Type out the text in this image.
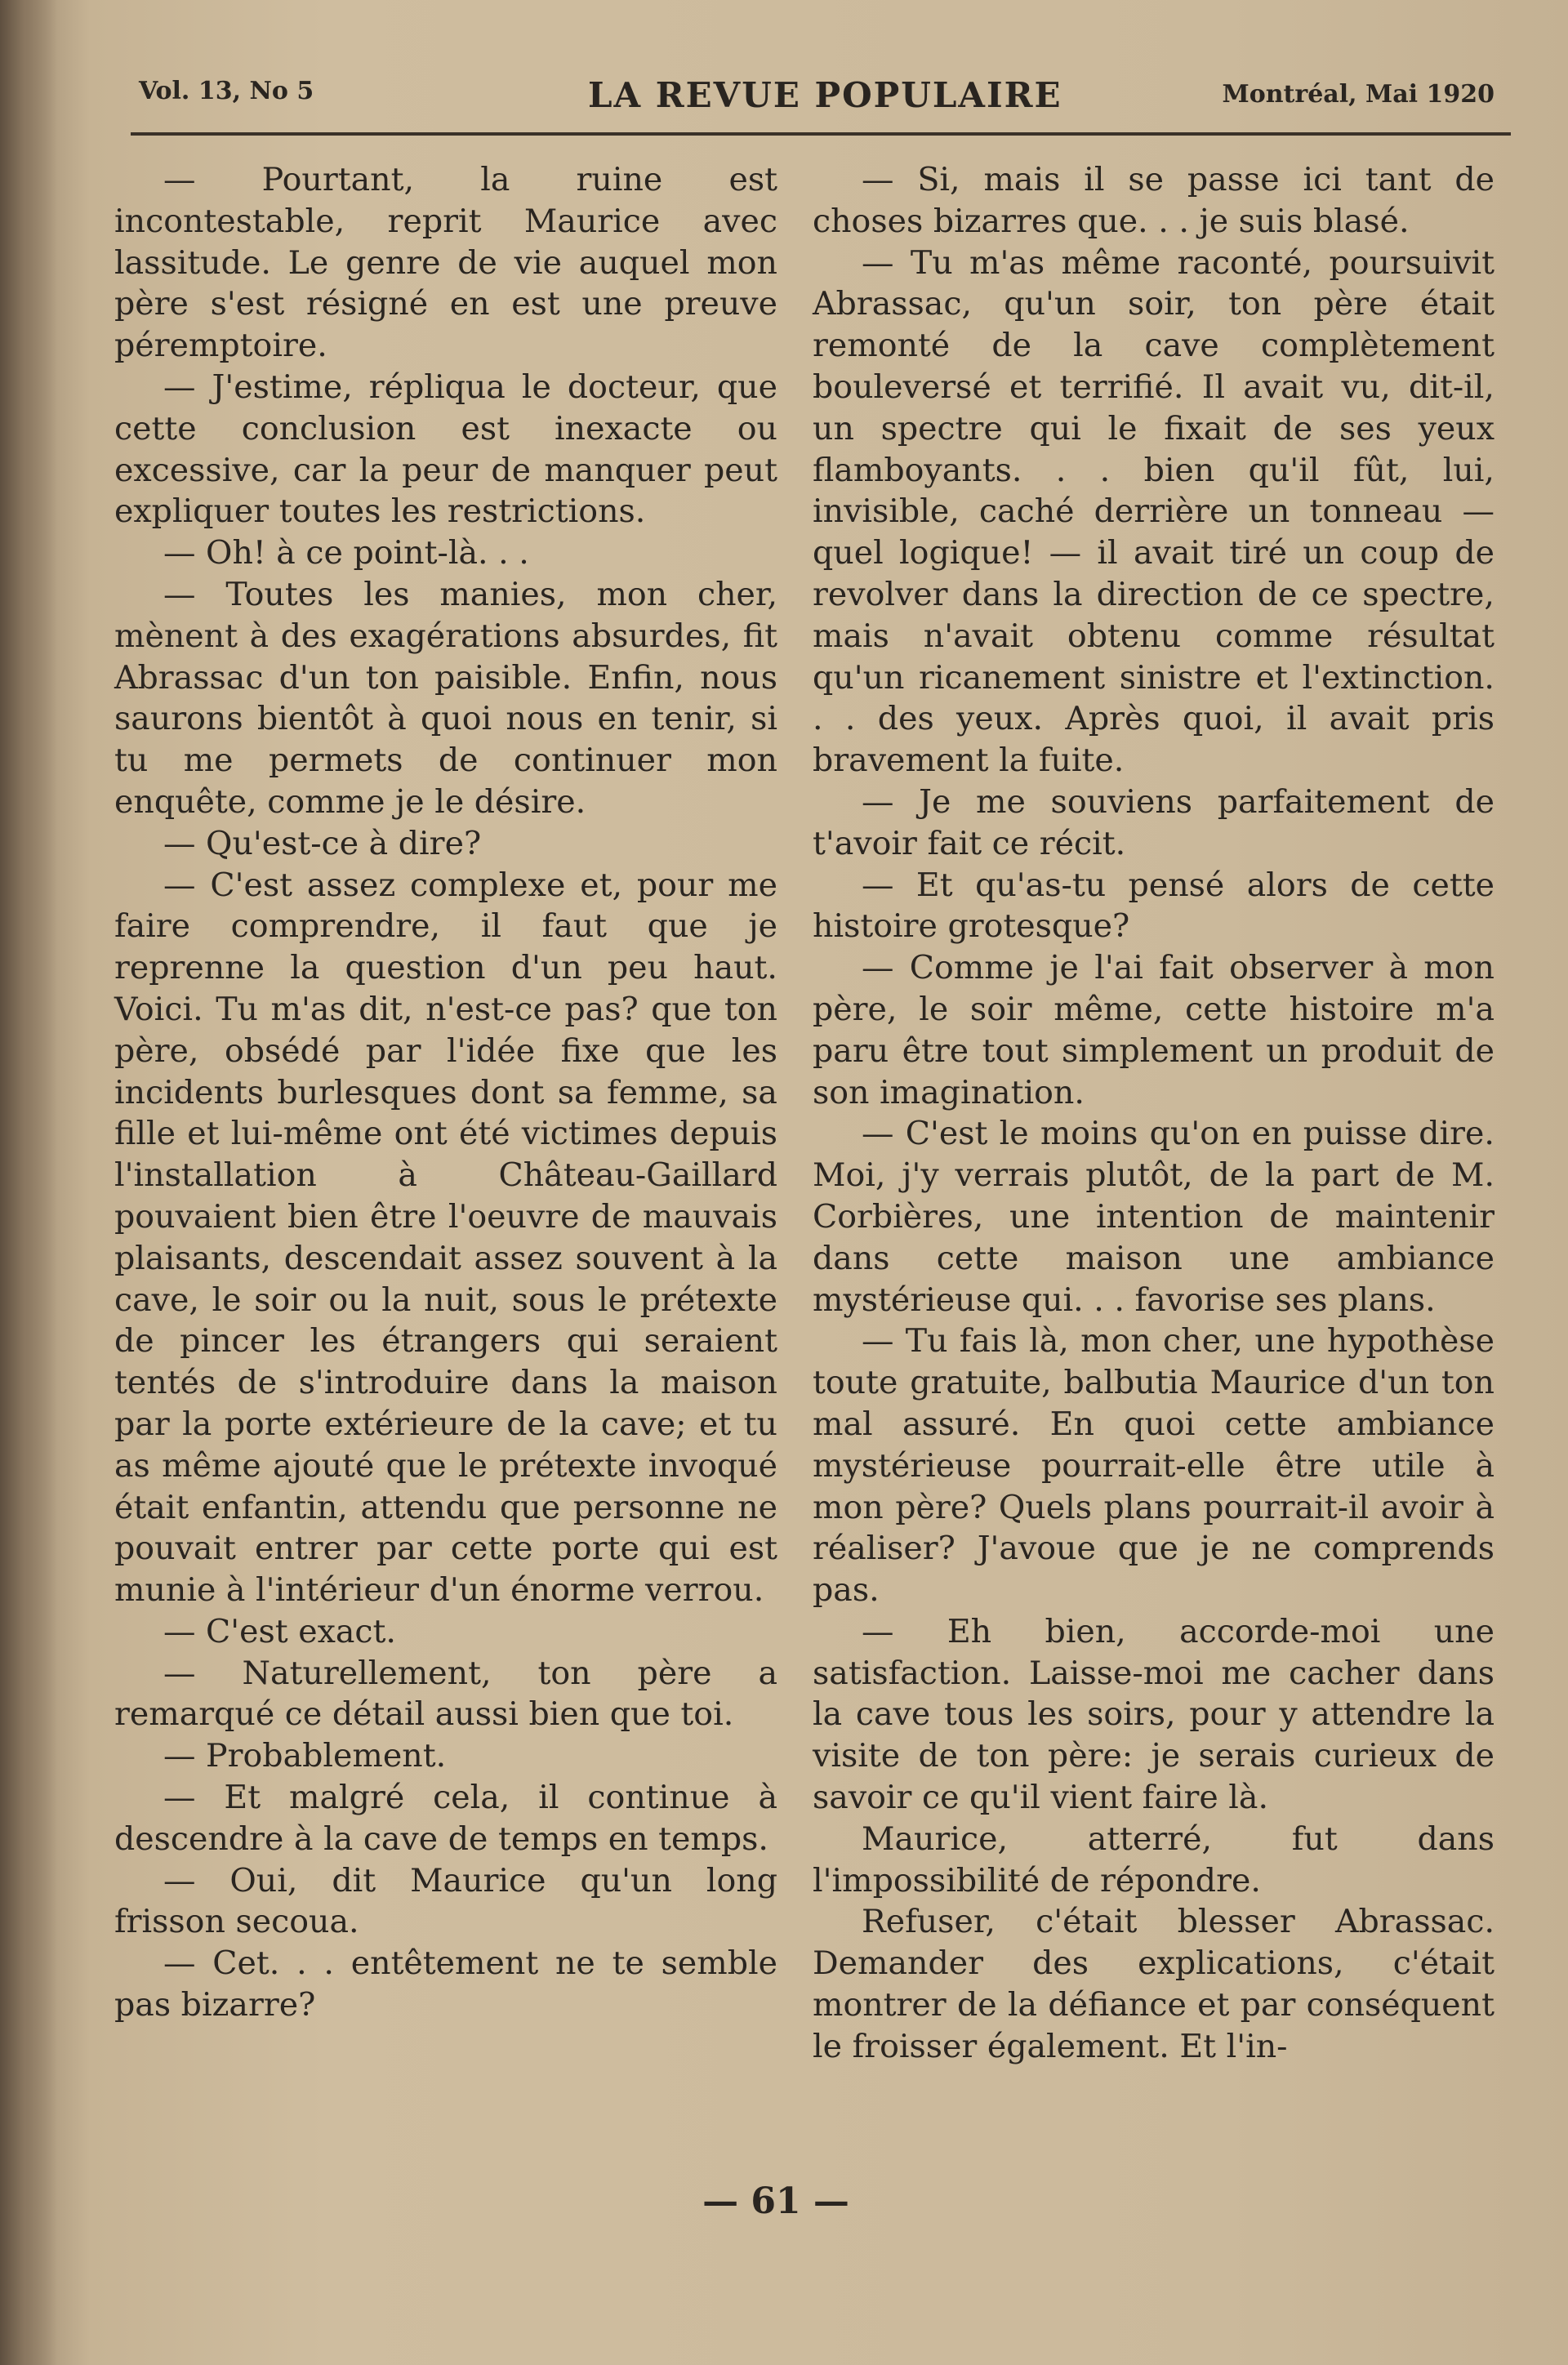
Vol. 13, No 5	LA REVUE POPULAIRE	Montréal, Mai 1920

— Pourtant, la ruine est incontestable, reprit Maurice avec lassitude. Le genre de vie auquel mon père s'est résigné en est une preuve péremptoire.

— J'estime, répliqua le docteur, que cette conclusion est inexacte ou excessive, car la peur de manquer peut expliquer toutes les restrictions.

— Oh! à ce point-là. . .

— Toutes les manies, mon cher, mènent à des exagérations absurdes, fit Abrassac d'un ton paisible. Enfin, nous saurons bientôt à quoi nous en tenir, si tu me permets de continuer mon enquête, comme je le désire.

— Qu'est-ce à dire?

— C'est assez complexe et, pour me faire comprendre, il faut que je reprenne la question d'un peu haut. Voici. Tu m'as dit, n'est-ce pas? que ton père, obsédé par l'idée fixe que les incidents burlesques dont sa femme, sa fille et lui-même ont été victimes depuis l'installation à Château-Gaillard pouvaient bien être l'oeuvre de mauvais plaisants, descendait assez souvent à la cave, le soir ou la nuit, sous le prétexte de pincer les étrangers qui seraient tentés de s'introduire dans la maison par la porte extérieure de la cave; et tu as même ajouté que le prétexte invoqué était enfantin, attendu que personne ne pouvait entrer par cette porte qui est munie à l'intérieur d'un énorme verrou.

— C'est exact.

— Naturellement, ton père a remarqué ce détail aussi bien que toi.

— Probablement.

— Et malgré cela, il continue à descendre à la cave de temps en temps.

— Oui, dit Maurice qu'un long frisson secoua.

— Cet. . . entêtement ne te semble pas bizarre?

— Si, mais il se passe ici tant de choses bizarres que. . . je suis blasé.

— Tu m'as même raconté, poursuivit Abrassac, qu'un soir, ton père était remonté de la cave complètement bouleversé et terrifié. Il avait vu, dit-il, un spectre qui le fixait de ses yeux flamboyants. . . bien qu'il fût, lui, invisible, caché derrière un tonneau — quel logique! — il avait tiré un coup de revolver dans la direction de ce spectre, mais n'avait obtenu comme résultat qu'un ricanement sinistre et l'extinction. . . des yeux. Après quoi, il avait pris bravement la fuite.

— Je me souviens parfaitement de t'avoir fait ce récit.

— Et qu'as-tu pensé alors de cette histoire grotesque?

— Comme je l'ai fait observer à mon père, le soir même, cette histoire m'a paru être tout simplement un produit de son imagination.

— C'est le moins qu'on en puisse dire. Moi, j'y verrais plutôt, de la part de M. Corbières, une intention de maintenir dans cette maison une ambiance mystérieuse qui. . . favorise ses plans.

— Tu fais là, mon cher, une hypothèse toute gratuite, balbutia Maurice d'un ton mal assuré. En quoi cette ambiance mystérieuse pourrait-elle être utile à mon père? Quels plans pourrait-il avoir à réaliser? J'avoue que je ne comprends pas.

— Eh bien, accorde-moi une satisfaction. Laisse-moi me cacher dans la cave tous les soirs, pour y attendre la visite de ton père: je serais curieux de savoir ce qu'il vient faire là.

Maurice, atterré, fut dans l'impossibilité de répondre.

Refuser, c'était blesser Abrassac. Demander des explications, c'était montrer de la défiance et par conséquent le froisser également. Et l'in-

— 61 —
